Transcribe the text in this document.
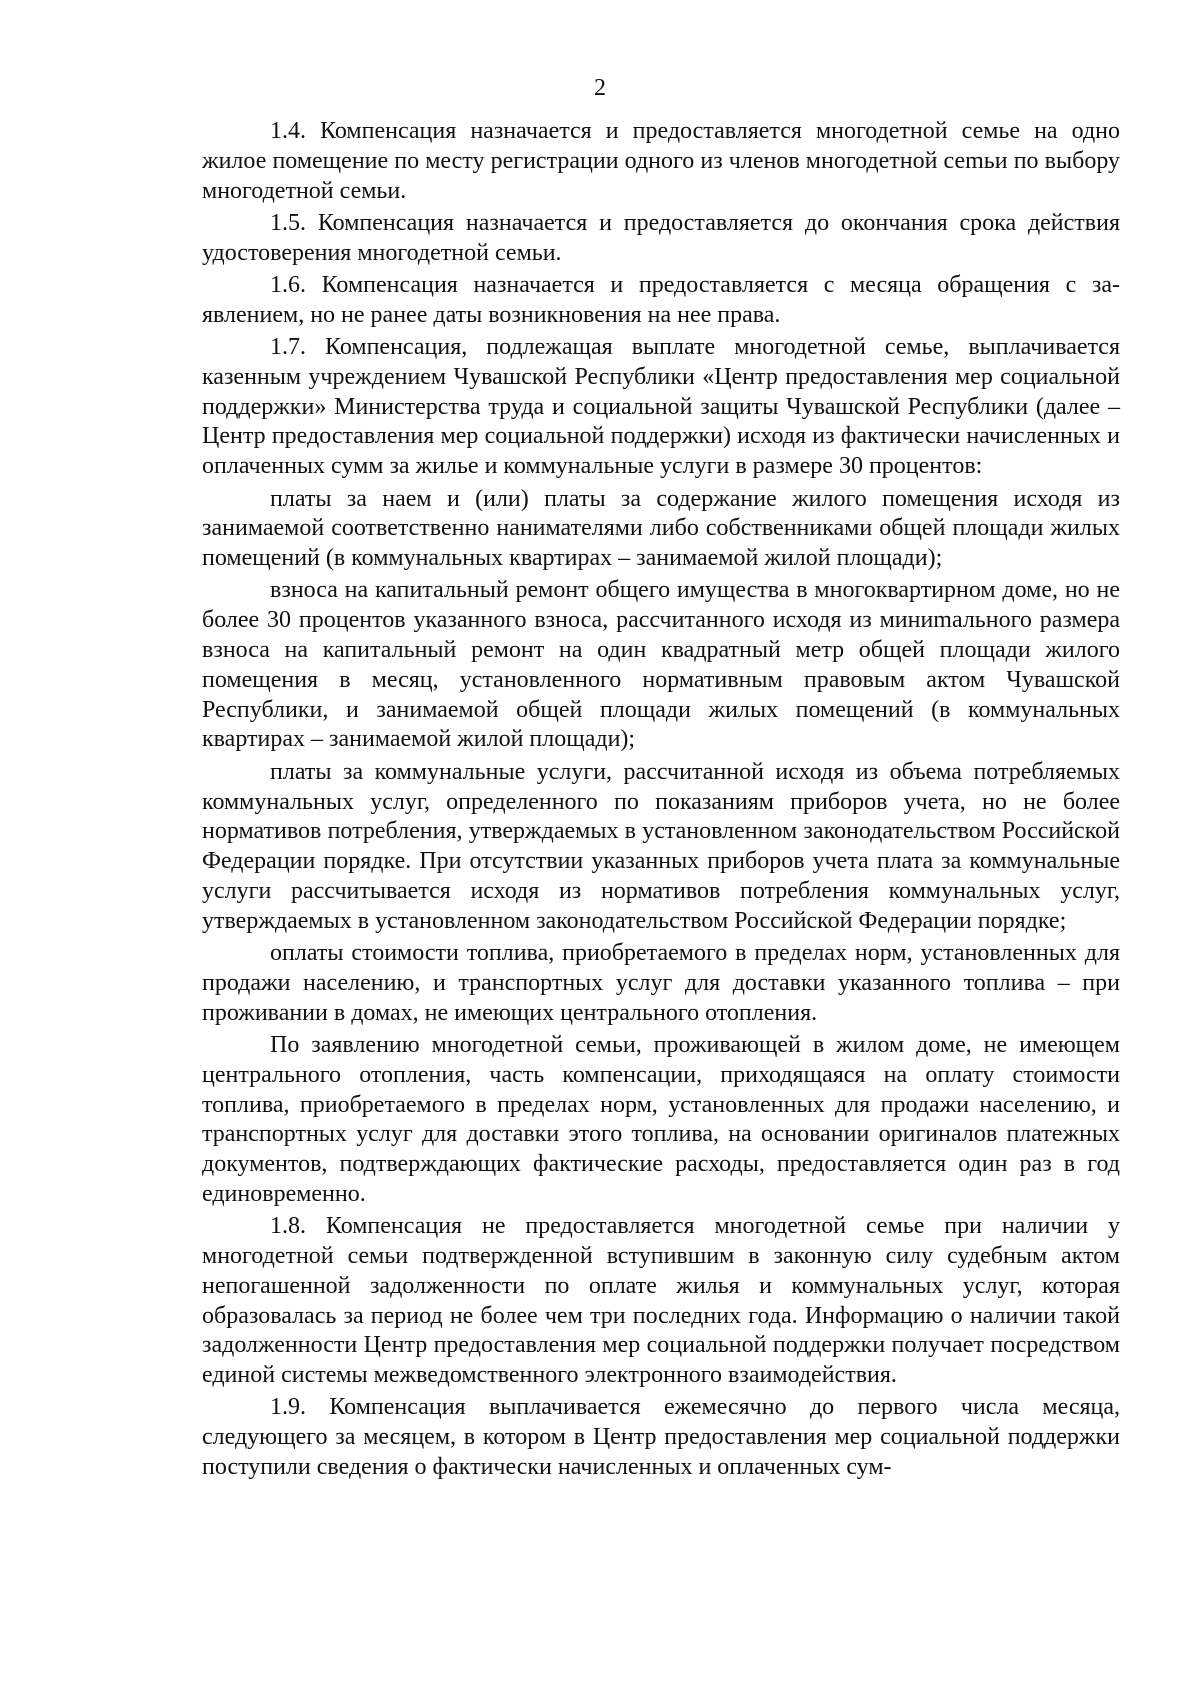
2

1.4. Компенсация назначается и предоставляется многодетной семье на одно жилое помещение по месту регистрации одного из членов многодетной сеmьи по выбору многодетной семьи.

1.5. Компенсация назначается и предоставляется до окончания срока действия удостоверения многодетной семьи.

1.6. Компенсация назначается и предоставляется с месяца обращения с заявлением, но не ранее даты возникновения на нее права.

1.7. Компенсация, подлежащая выплате многодетной семье, выплачивается казенным учреждением Чувашской Республики «Центр предоставления мер социальной поддержки» Министерства труда и социальной защиты Чувашской Республики (далее – Центр предоставления мер социальной поддержки) исходя из фактически начисленных и оплаченных сумм за жилье и коммунальные услуги в размере 30 процентов:

платы за наем и (или) платы за содержание жилого помещения исходя из занимаемой соответственно нанимателями либо собственниками общей площади жилых помещений (в коммунальных квартирах – занимаемой жилой площади);

взноса на капитальный ремонт общего имущества в многоквартирном доме, но не более 30 процентов указанного взноса, рассчитанного исходя из миниmального размера взноса на капитальный ремонт на один квадратный метр общей площади жилого помещения в месяц, установленного нормативным правовым актом Чувашской Республики, и занимаемой общей площади жилых помещений (в коммунальных квартирах – занимаемой жилой площади);

платы за коммунальные услуги, рассчитанной исходя из объема потребляемых коммунальных услуг, определенного по показаниям приборов учета, но не более нормативов потребления, утверждаемых в установленном законодательством Российской Федерации порядке. При отсутствии указанных приборов учета плата за коммунальные услуги рассчитывается исходя из нормативов потребления коммунальных услуг, утверждаемых в установленном законодательством Российской Федерации порядке;

оплаты стоимости топлива, приобретаемого в пределах норм, установленных для продажи населению, и транспортных услуг для доставки указанного топлива – при проживании в домах, не имеющих центрального отопления.

По заявлению многодетной семьи, проживающей в жилом доме, не имеющем центрального отопления, часть компенсации, приходящаяся на оплату стоимости топлива, приобретаемого в пределах норм, установленных для продажи населению, и транспортных услуг для доставки этого топлива, на основании оригиналов платежных документов, подтверждающих фактические расходы, предоставляется один раз в год единовременно.

1.8. Компенсация не предоставляется многодетной семье при наличии у многодетной семьи подтвержденной вступившим в законную силу судебным актом непогашенной задолженности по оплате жилья и коммунальных услуг, которая образовалась за период не более чем три последних года. Информацию о наличии такой задолженности Центр предоставления мер социальной поддержки получает посредством единой системы межведомственного электронного взаимодействия.

1.9. Компенсация выплачивается ежемесячно до первого числа месяца, следующего за месяцем, в котором в Центр предоставления мер социальной поддержки поступили сведения о фактически начисленных и оплаченных сум-
